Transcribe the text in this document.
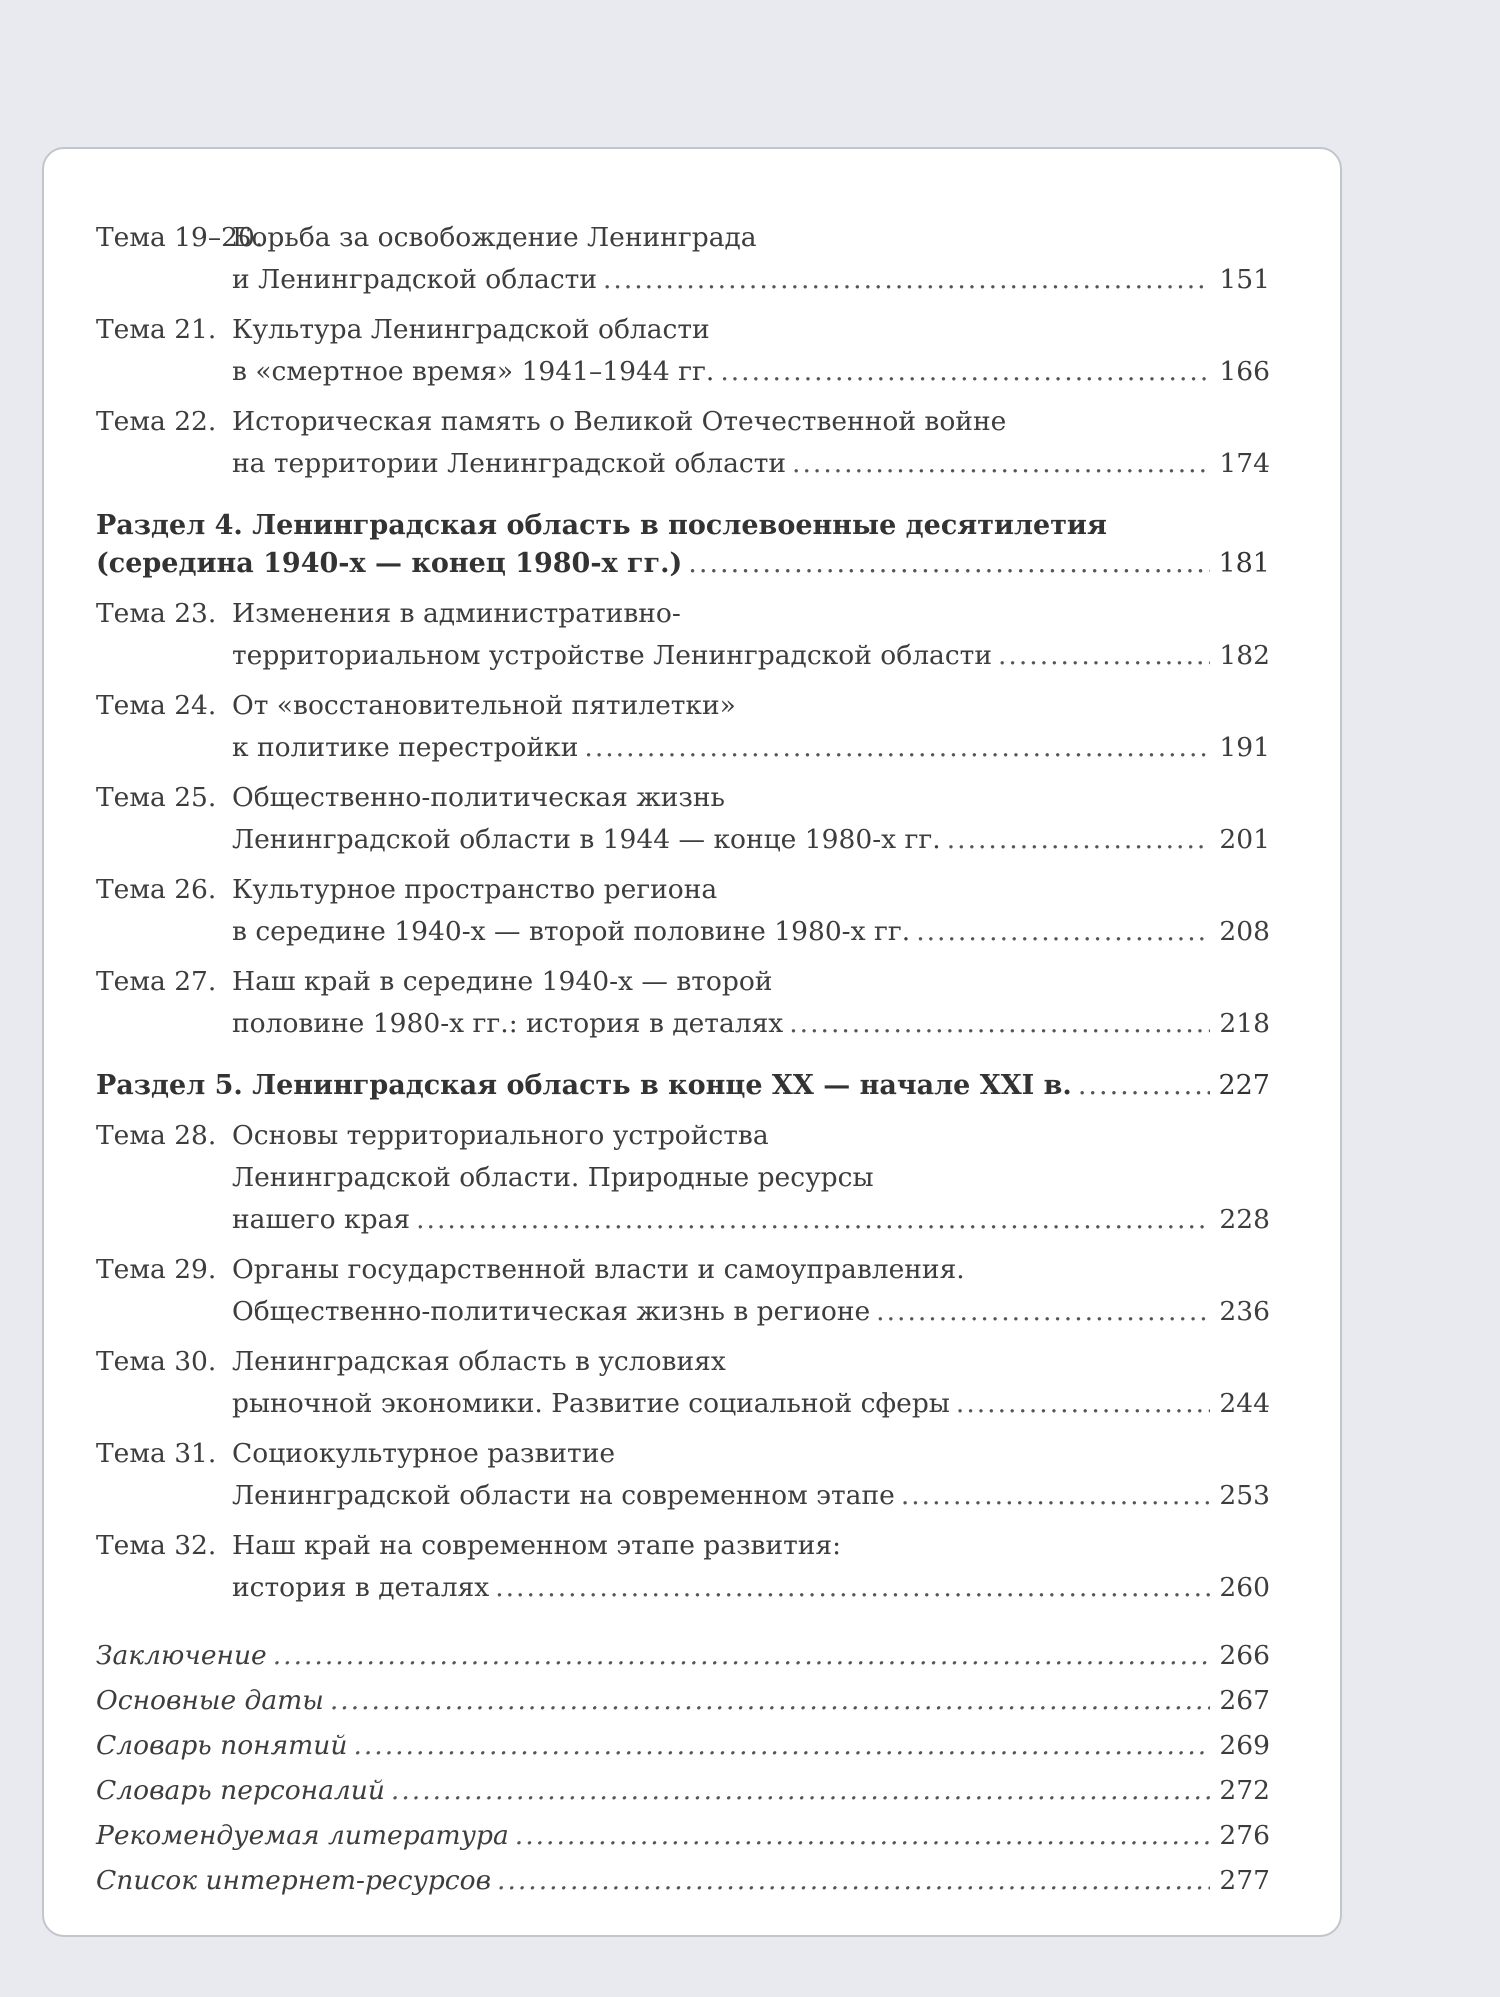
Тема 19–20.
Борьба за освобождение Ленинграда
и Ленинградской области .....	151
Тема 21. Культура Ленинградской области
в «смертное время» 1941–1944 гг. .....	166
Тема 22. Историческая память о Великой Отечественной войне
на территории Ленинградской области .....	174
Раздел 4. Ленинградская область в послевоенные десятилетия
(середина 1940-х — конец 1980-х гг.) .....	181
Тема 23. Изменения в административно-
территориальном устройстве Ленинградской области .....	182
Тема 24. От «восстановительной пятилетки»
к политике перестройки .....	191
Тема 25. Общественно-политическая жизнь
Ленинградской области в 1944 — конце 1980-х гг. .....	201
Тема 26. Культурное пространство региона
в середине 1940-х — второй половине 1980-х гг. .....	208
Тема 27. Наш край в середине 1940-х — второй
половине 1980-х гг.: история в деталях .....	218
Раздел 5. Ленинградская область в конце XX — начале XXI в. .....	227
Тема 28. Основы территориального устройства
Ленинградской области. Природные ресурсы
нашего края .....	228
Тема 29. Органы государственной власти и самоуправления.
Общественно-политическая жизнь в регионе .....	236
Тема 30. Ленинградская область в условиях
рыночной экономики. Развитие социальной сферы .....	244
Тема 31. Социокультурное развитие
Ленинградской области на современном этапе .....	253
Тема 32. Наш край на современном этапе развития:
история в деталях .....	260
Заключение .....	266
Основные даты .....	267
Словарь понятий .....	269
Словарь персоналий .....	272
Рекомендуемая литература .....	276
Список интернет-ресурсов .....	277
